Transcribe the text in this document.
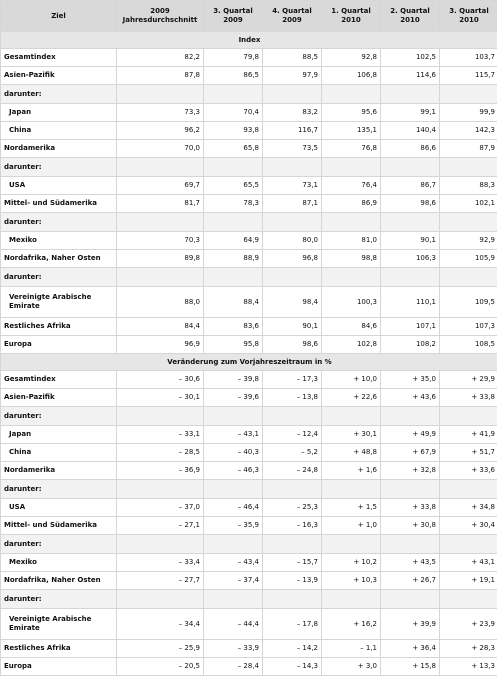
Ziel	2009 Jahresdurchschnitt	3. Quartal 2009	4. Quartal 2009	1. Quartal 2010	2. Quartal 2010	3. Quartal 2010
Index						
Gesamtindex	82,2	79,8	88,5	92,8	102,5	103,7
Asien-Pazifik	87,8	86,5	97,9	106,8	114,6	115,7
darunter:						
Japan	73,3	70,4	83,2	95,6	99,1	99,9
China	96,2	93,8	116,7	135,1	140,4	142,3
Nordamerika	70,0	65,8	73,5	76,8	86,6	87,9
darunter:						
USA	69,7	65,5	73,1	76,4	86,7	88,3
Mittel- und Südamerika	81,7	78,3	87,1	86,9	98,6	102,1
darunter:						
Mexiko	70,3	64,9	80,0	81,0	90,1	92,9
Nordafrika, Naher Osten	89,8	88,9	96,8	98,8	106,3	105,9
darunter:						
Vereinigte Arabische Emirate	88,0	88,4	98,4	100,3	110,1	109,5
Restliches Afrika	84,4	83,6	90,1	84,6	107,1	107,3
Europa	96,9	95,8	98,6	102,8	108,2	108,5
Veränderung zum Vorjahreszeitraum in %						
Gesamtindex	– 30,6	– 39,8	– 17,3	+ 10,0	+ 35,0	+ 29,9
Asien-Pazifik	– 30,1	– 39,6	– 13,8	+ 22,6	+ 43,6	+ 33,8
darunter:						
Japan	– 33,1	– 43,1	– 12,4	+ 30,1	+ 49,9	+ 41,9
China	– 28,5	– 40,3	– 5,2	+ 48,8	+ 67,9	+ 51,7
Nordamerika	– 36,9	– 46,3	– 24,8	+ 1,6	+ 32,8	+ 33,6
darunter:						
USA	– 37,0	– 46,4	– 25,3	+ 1,5	+ 33,8	+ 34,8
Mittel- und Südamerika	– 27,1	– 35,9	– 16,3	+ 1,0	+ 30,8	+ 30,4
darunter:						
Mexiko	– 33,4	– 43,4	– 15,7	+ 10,2	+ 43,5	+ 43,1
Nordafrika, Naher Osten	– 27,7	– 37,4	– 13,9	+ 10,3	+ 26,7	+ 19,1
darunter:						
Vereinigte Arabische Emirate	– 34,4	– 44,4	– 17,8	+ 16,2	+ 39,9	+ 23,9
Restliches Afrika	– 25,9	– 33,9	– 14,2	– 1,1	+ 36,4	+ 28,3
Europa	– 20,5	– 28,4	– 14,3	+ 3,0	+ 15,8	+ 13,3
